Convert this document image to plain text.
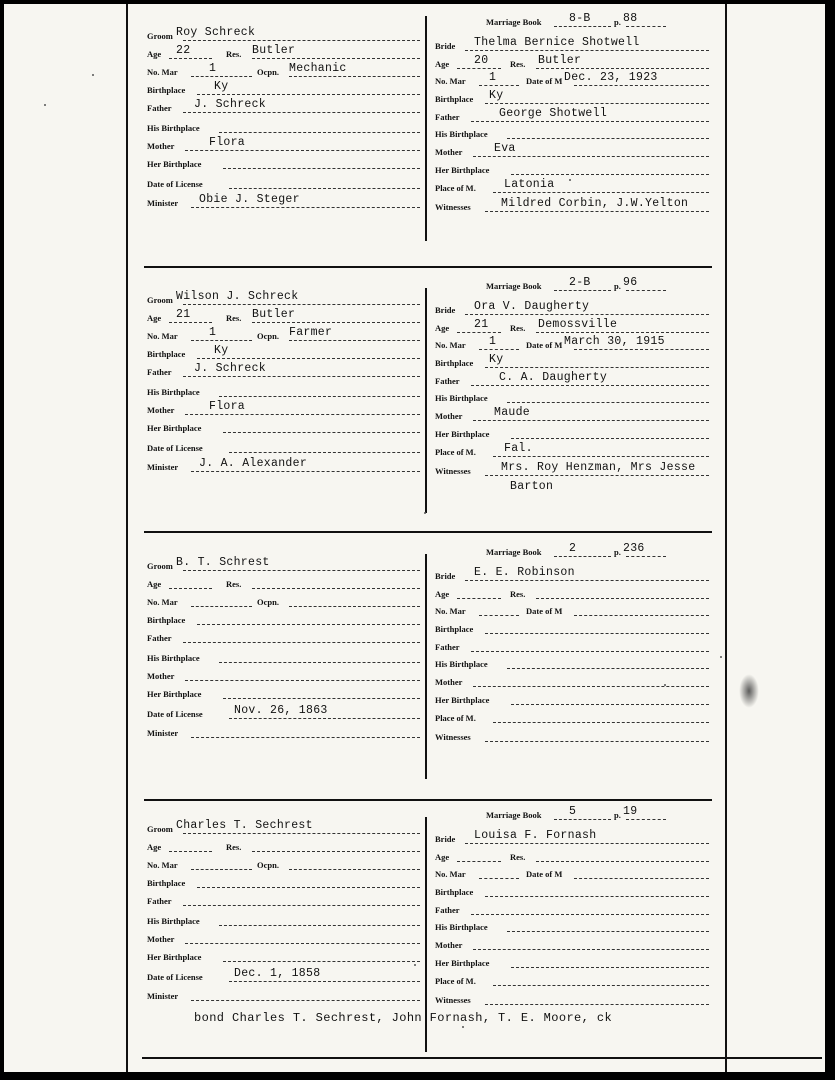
Groom Roy Schreck
Age 22	Res. Butler
No. Mar	1	Ocpn. Mechanic
Birthplace	Ky
Father J. Schreck
His Birthplace
Mother	Flora
Her Birthplace
Date of License
Minister Obie J. Steger
Marriage Book 8-B	p. 88
Bride Thelma Bernice Shotwell
Age 20	Res. Butler
No. Mar 1	Date of M Dec. 23, 1923
Birthplace Ky
Father	George Shotwell
His Birthplace
Mother	Eva
Her Birthplace
Place of M. Latonia
Witnesses	Mildred Corbin, J.W.Yelton
Groom Wilson J. Schreck
Age 21	Res. Butler
No. Mar	1	Ocpn. Farmer
Birthplace	Ky
Father J. Schreck
His Birthplace
Mother	Flora
Her Birthplace
Date of License
Minister J. A. Alexander
Marriage Book 2-B	p. 96
Bride Ora V. Daugherty
Age 21	Res. Demossville
No. Mar 1	Date of M March 30, 1915
Birthplace Ky
Father	C. A. Daugherty
His Birthplace
Mother	Maude
Her Birthplace
Place of M. Fal.
Witnesses	Mrs. Roy Henzman, Mrs Jesse
Barton
Groom B. T. Schrest
Age	Res.
No. Mar	Ocpn.
Birthplace
Father
His Birthplace
Mother
Her Birthplace
Date of License	Nov. 26, 1863
Minister
Marriage Book 2	p. 236
Bride E. E. Robinson
Age	Res.
No. Mar	Date of M
Birthplace
Father
His Birthplace
Mother
Her Birthplace
Place of M.
Witnesses
Groom Charles T. Sechrest
Age	Res.
No. Mar	Ocpn.
Birthplace
Father
His Birthplace
Mother
Her Birthplace
Date of License	Dec. 1, 1858
Minister
Marriage Book 5	p. 19
Bride Louisa F. Fornash
Age	Res.
No. Mar	Date of M
Birthplace
Father
His Birthplace
Mother
Her Birthplace
Place of M.
Witnesses
bond Charles T. Sechrest, John Fornash, T. E. Moore, ck
